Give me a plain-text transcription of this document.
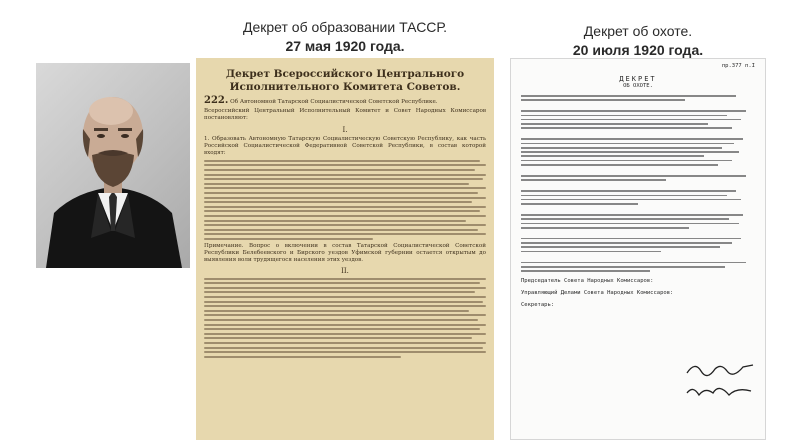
Декрет об образовании ТАССР.
27 мая 1920 года.
Декрет об охоте.
20 июля 1920 года.
Декрет Всероссийского Центрального Исполнительного Комитета Советов.
222. Об Автономной Татарской Социалистической Советской Республике.
Всероссийский Центральный Исполнительный Комитет и Совет Народных Комиссаров постановляют:
I.
1. Образовать Автономную Татарскую Социалистическую Советскую Республику, как часть Российской Социалистической Федеративной Советской Республики, в состав которой входят:
Примечание. Вопрос о включении в состав Татарской Социалистической Советской Республики Белебеевского и Бирского уездов Уфимской губернии остается открытым до выявления воли трудящегося населения этих уездов.
II.
пр.377 п.I
ДЕКРЕТ
ОБ ОХОТЕ.
Председатель Совета Народных Комиссаров:
Управляющий Делами Совета Народных Комиссаров:
Секретарь:
